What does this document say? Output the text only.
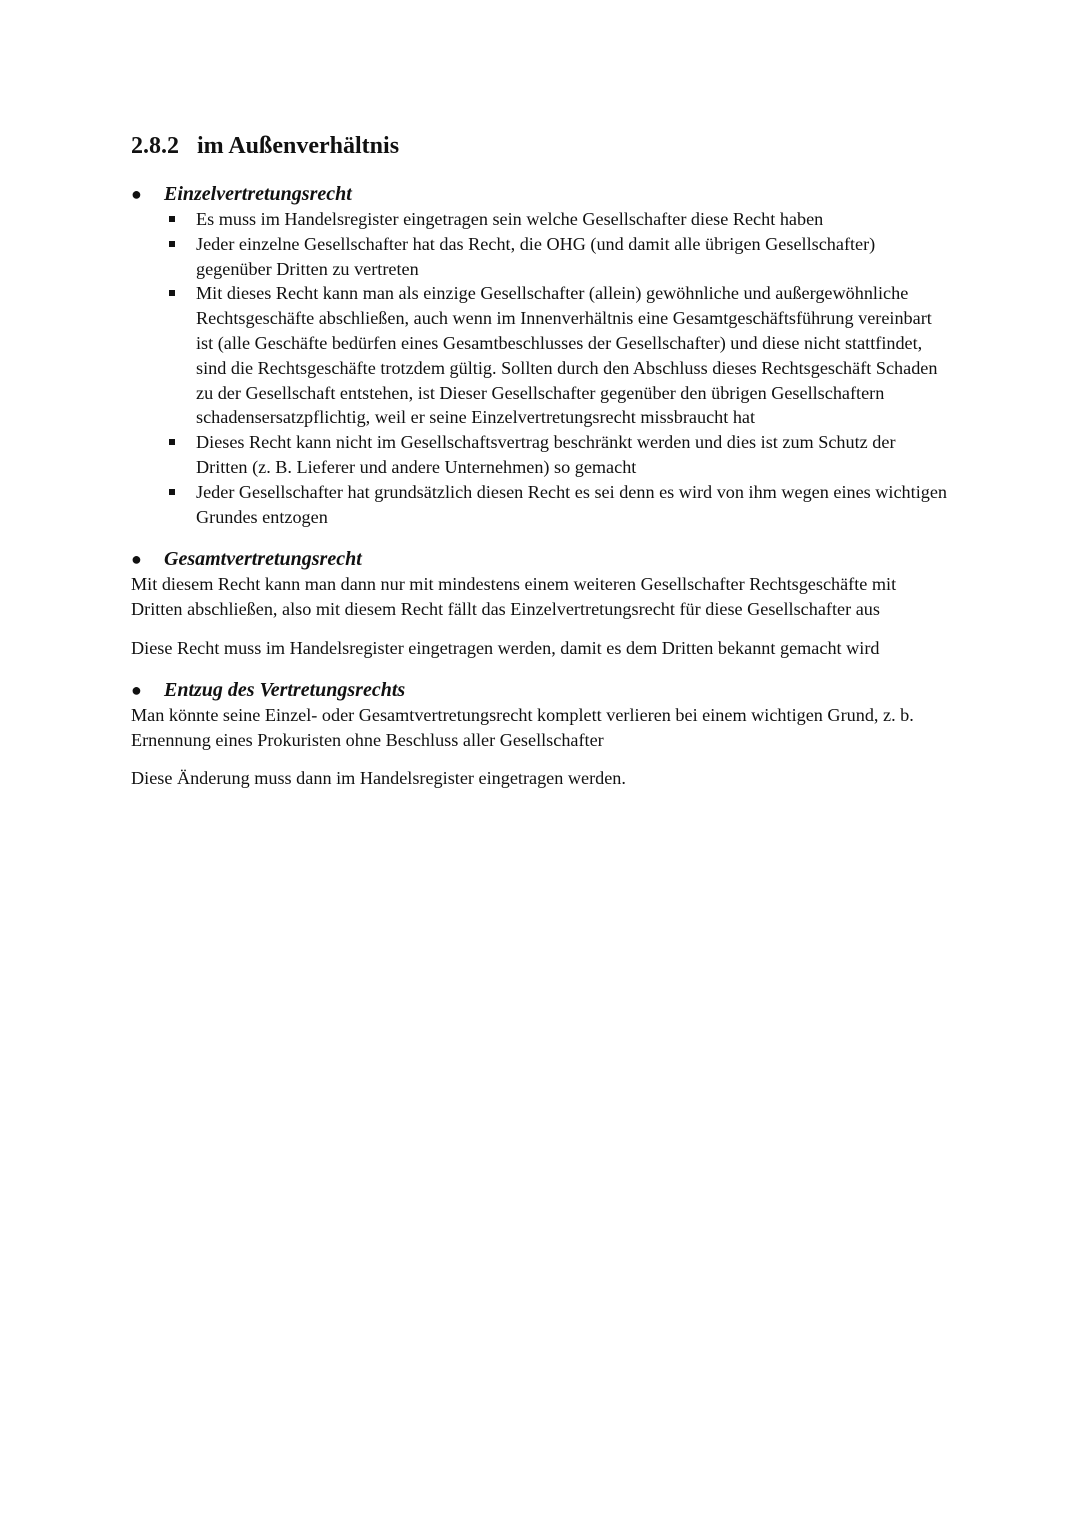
2.8.2 im Außenverhältnis
● Einzelvertretungsrecht
Es muss im Handelsregister eingetragen sein welche Gesellschafter diese Recht haben
Jeder einzelne Gesellschafter hat das Recht, die OHG (und damit alle übrigen Gesellschafter) gegenüber Dritten zu vertreten
Mit dieses Recht kann man als einzige Gesellschafter (allein) gewöhnliche und außergewöhnliche Rechtsgeschäfte abschließen, auch wenn im Innenverhältnis eine Gesamtgeschäftsführung vereinbart ist (alle Geschäfte bedürfen eines Gesamtbeschlusses der Gesellschafter) und diese nicht stattfindet, sind die Rechtsgeschäfte trotzdem gültig. Sollten durch den Abschluss dieses Rechtsgeschäft Schaden zu der Gesellschaft entstehen, ist Dieser Gesellschafter gegenüber den übrigen Gesellschaftern schadensersatzpflichtig, weil er seine Einzelvertretungsrecht missbraucht hat
Dieses Recht kann nicht im Gesellschaftsvertrag beschränkt werden und dies ist zum Schutz der Dritten (z. B. Lieferer und andere Unternehmen) so gemacht
Jeder Gesellschafter hat grundsätzlich diesen Recht es sei denn es wird von ihm wegen eines wichtigen Grundes entzogen
● Gesamtvertretungsrecht

Mit diesem Recht kann man dann nur mit mindestens einem weiteren Gesellschafter Rechtsgeschäfte mit Dritten abschließen, also mit diesem Recht fällt das Einzelvertretungsrecht für diese Gesellschafter aus

Diese Recht muss im Handelsregister eingetragen werden, damit es dem Dritten bekannt gemacht wird

● Entzug des Vertretungsrechts

Man könnte seine Einzel- oder Gesamtvertretungsrecht komplett verlieren bei einem wichtigen Grund, z. b. Ernennung eines Prokuristen ohne Beschluss aller Gesellschafter

Diese Änderung muss dann im Handelsregister eingetragen werden.
